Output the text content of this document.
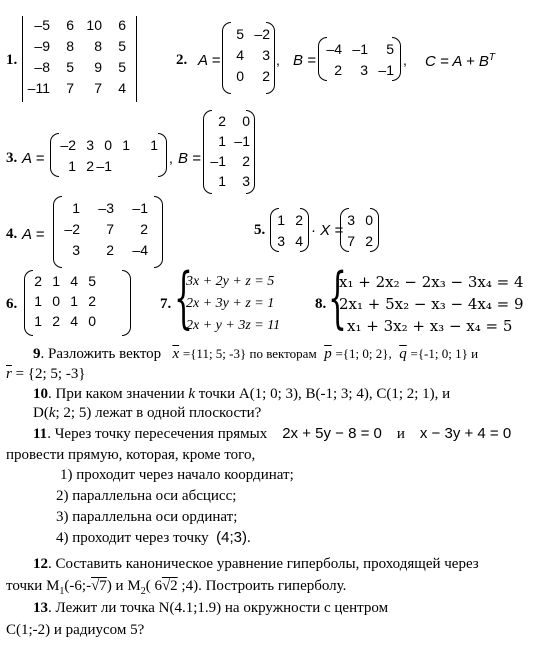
1.
–5	6 10	6
–9	8	8	5
–8	5	9	5
–11	7	7	4
2. A =
5 –2
4	3
0	2
, B =
–4 –1	5
2	3 –1
, $C = A + B^T$
3. A =
–2 3 0 1	1
1 2 –1	, B =
2	0
1 –1
–1	2
1	3
4. A =
1	–3	–1
–2	7	2
3	2	–4
5.
1 2
3 4
· X =
3 0
7 2
6.
2 1 4 5
1 0 1 2
1 2 4 0
7. {
3x + 2y + z = 5
2x + 3y + z = 1
2x + y + 3z = 11
8. {
x₁ + 2x₂ − 2x₃ − 3x₄ = 4
2x₁ + 5x₂ − x₃ − 4x₄ = 9
x₁ + 3x₂ + x₃ − x₄ = 5
9. Разложить вектор $\overline{x} =\{11$; 5; -3} по векторам $\overline{p} =\{1$; 0; 2}, $\overline{q} =\{-1$; 0; 1} и
$\overline{r} = \{2$; 5; -3}
10. При каком значении k точки А(1; 0; 3), В(-1; 3; 4), С(1; 2; 1), и
D(k; 2; 5) лежат в одной плоскости?
11. Через точку пересечения прямых 2x + 5y − 8 = 0 и x − 3y + 4 = 0
провести прямую, которая, кроме того,
1) проходит через начало координат;
2) параллельна оси абсцисс;
3) параллельна оси ординат;
4) проходит через точку (4;3).
12. Составить каноническое уравнение гиперболы, проходящей через
точки $M_1(-6;-√7)$ и $M_2$( 6√2 ;4). Построить гиперболу.
13. Лежит ли точка N(4.1;1.9) на окружности с центром
C(1;-2) и радиусом 5?
